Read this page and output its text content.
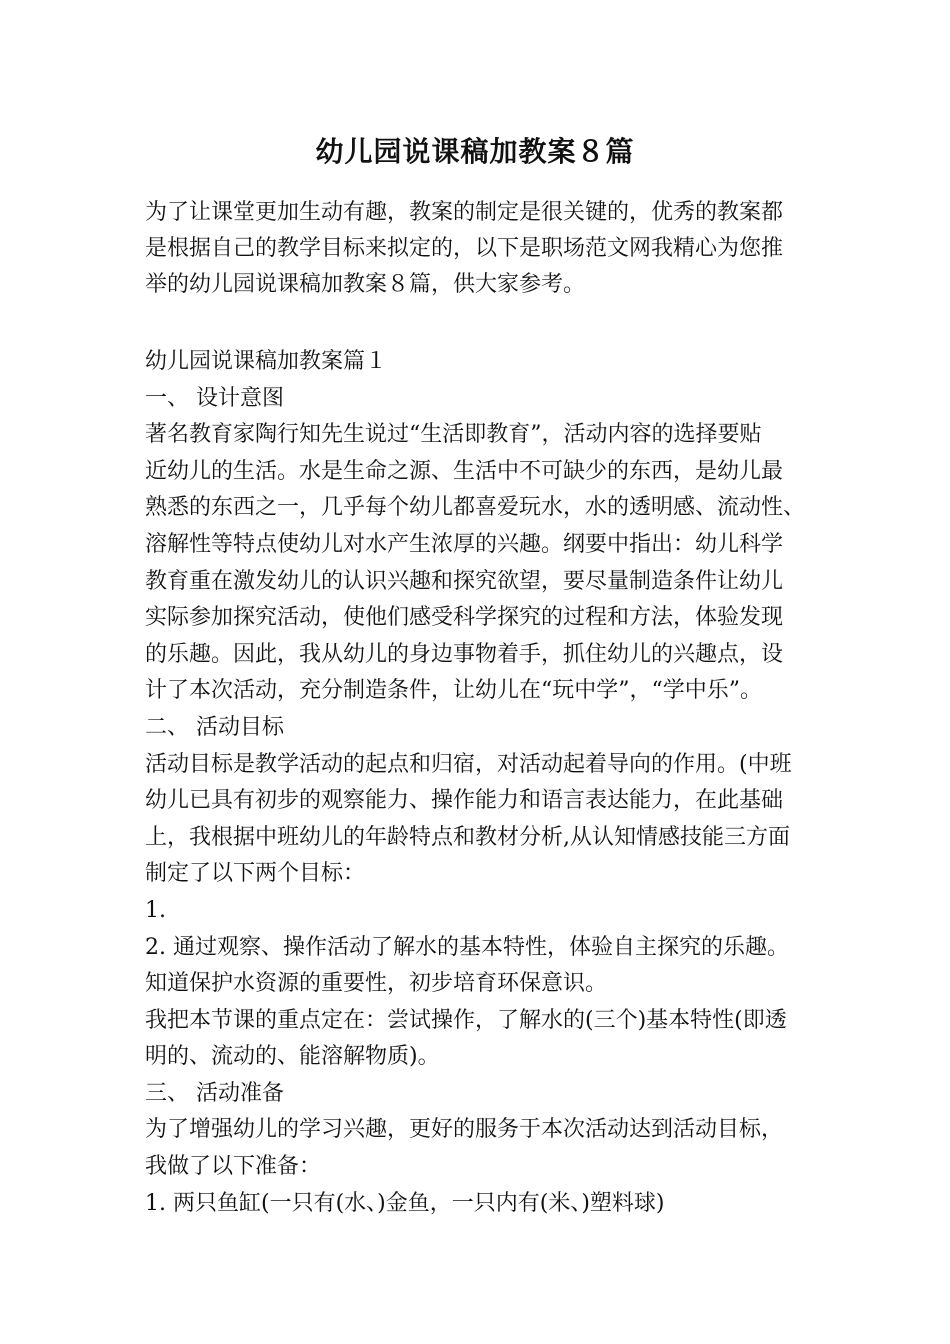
幼儿园说课稿加教案８篇

为了让课堂更加生动有趣，教案的制定是很关键的，优秀的教案都

是根据自己的教学目标来拟定的，以下是职场范文网我精心为您推

举的幼儿园说课稿加教案８篇，供大家参考。

幼儿园说课稿加教案篇１

一、 设计意图

著名教育家陶行知先生说过“生活即教育”，活动内容的选择要贴

近幼儿的生活。水是生命之源、生活中不可缺少的东西，是幼儿最

熟悉的东西之一，几乎每个幼儿都喜爱玩水，水的透明感、流动性、

溶解性等特点使幼儿对水产生浓厚的兴趣。纲要中指出：幼儿科学

教育重在激发幼儿的认识兴趣和探究欲望，要尽量制造条件让幼儿

实际参加探究活动，使他们感受科学探究的过程和方法，体验发现

的乐趣。因此，我从幼儿的身边事物着手，抓住幼儿的兴趣点，设

计了本次活动，充分制造条件，让幼儿在“玩中学”，“学中乐”。

二、 活动目标

活动目标是教学活动的起点和归宿，对活动起着导向的作用。(中班

幼儿已具有初步的观察能力、操作能力和语言表达能力，在此基础

上，我根据中班幼儿的年龄特点和教材分析,从认知情感技能三方面

制定了以下两个目标：

1.

2. 通过观察、操作活动了解水的基本特性，体验自主探究的乐趣。

知道保护水资源的重要性，初步培育环保意识。

我把本节课的重点定在：尝试操作，了解水的(三个)基本特性(即透

明的、流动的、能溶解物质)。

三、 活动准备

为了增强幼儿的学习兴趣，更好的服务于本次活动达到活动目标，

我做了以下准备：

1. 两只鱼缸(一只有(水、)金鱼，一只内有(米、)塑料球)
